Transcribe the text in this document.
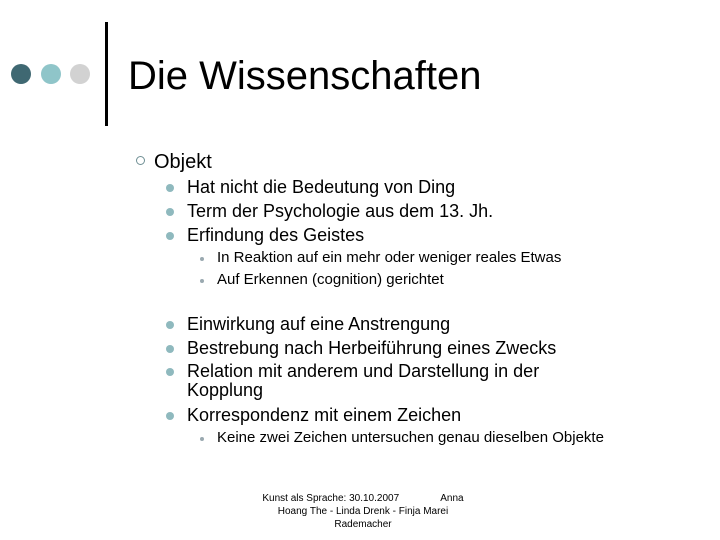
Die Wissenschaften
Objekt
Hat nicht die Bedeutung von Ding
Term der Psychologie aus dem 13. Jh.
Erfindung des Geistes
In Reaktion auf ein mehr oder weniger reales Etwas
Auf Erkennen (cognition) gerichtet
Einwirkung auf eine Anstrengung
Bestrebung nach Herbeiführung eines Zwecks
Relation mit anderem und Darstellung in der Kopplung
Korrespondenz mit einem Zeichen
Keine zwei Zeichen untersuchen genau dieselben Objekte
Kunst als Sprache: 30.10.2007               Anna
Hoang The - Linda Drenk - Finja Marei
Rademacher
